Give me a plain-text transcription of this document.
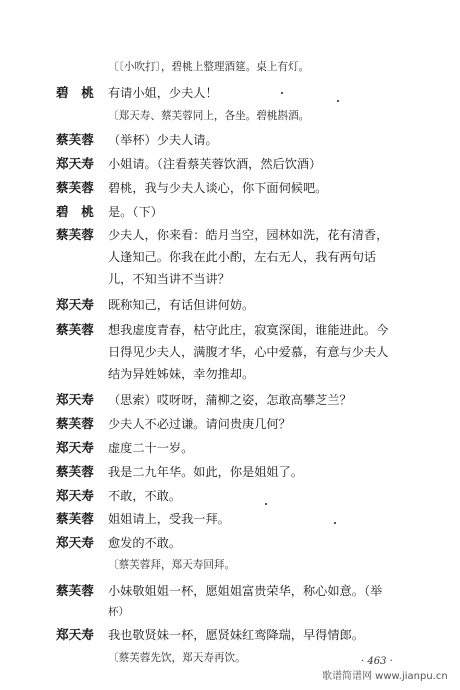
〔〔小吹打〕，碧桃上整理酒筵。桌上有灯。
碧　桃	有请小姐，少夫人！
〔郑天寿、蔡芙蓉同上，各坐。碧桃斟酒。
蔡芙蓉	（举杯）少夫人请。
郑天寿	小姐请。（注看蔡芙蓉饮酒，然后饮酒）
蔡芙蓉	碧桃，我与少夫人谈心，你下面伺候吧。
碧　桃	是。（下）
蔡芙蓉	少夫人，你来看：皓月当空，园林如洗，花有清香，
人逢知己。你我在此小酌，左右无人，我有两句话
儿，不知当讲不当讲？
郑天寿	既称知己，有话但讲何妨。
蔡芙蓉	想我虚度青春，枯守此庄，寂寞深闺，谁能进此。今
日得见少夫人，满腹才华，心中爱慕，有意与少夫人
结为异姓姊妹，幸勿推却。
郑天寿	（思索）哎呀呀，蒲柳之姿，怎敢高攀芝兰？
蔡芙蓉	少夫人不必过谦。请问贵庚几何？
郑天寿	虚度二十一岁。
蔡芙蓉	我是二九年华。如此，你是姐姐了。
郑天寿	不敢，不敢。
蔡芙蓉	姐姐请上，受我一拜。
郑天寿	愈发的不敢。
〔蔡芙蓉拜，郑天寿回拜。
蔡芙蓉	小妹敬姐姐一杯，愿姐姐富贵荣华，称心如意。（举
杯）
郑天寿	我也敬贤妹一杯，愿贤妹红鸾降瑞，早得情郎。
〔蔡芙蓉先饮，郑天寿再饮。	· 463 ·
歌谱简谱网 www.jianpu.cn
